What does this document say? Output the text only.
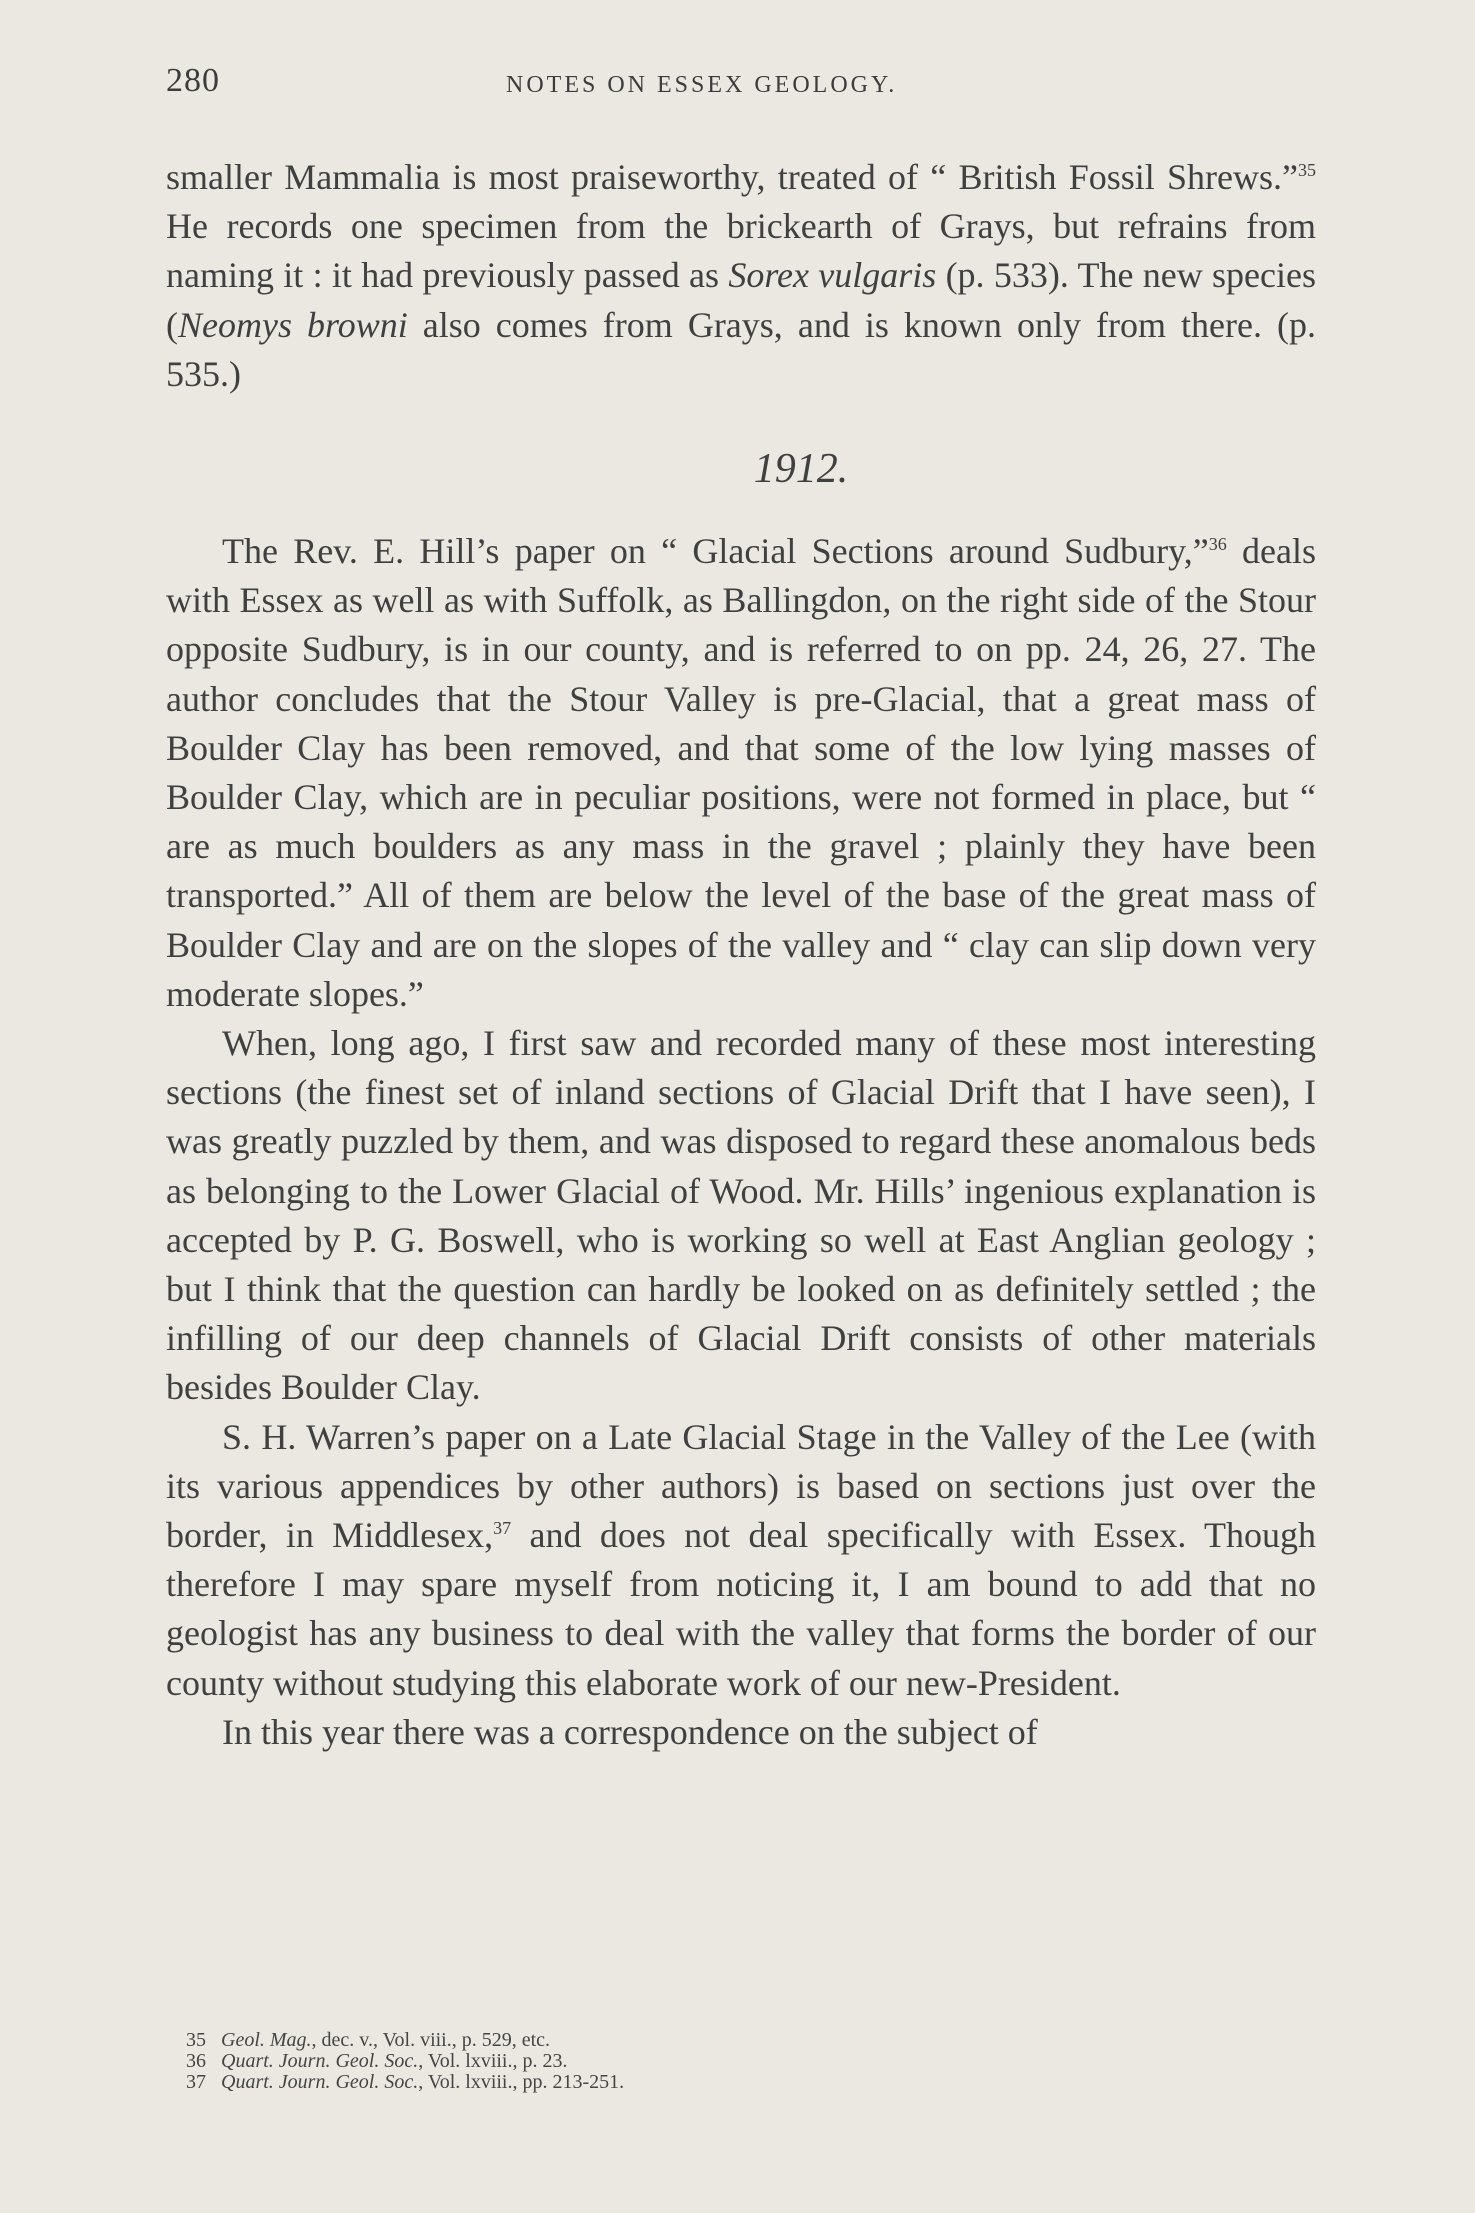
280	NOTES ON ESSEX GEOLOGY.

smaller Mammalia is most praiseworthy, treated of “ British Fossil Shrews.”$^{35}$ He records one specimen from the brickearth of Grays, but refrains from naming it : it had previously passed as Sorex vulgaris (p. 533). The new species (Neomys browni also comes from Grays, and is known only from there. (p. 535.)

1912.

The Rev. E. Hill’s paper on “ Glacial Sections around Sudbury,”$^{36}$ deals with Essex as well as with Suffolk, as Ballingdon, on the right side of the Stour opposite Sudbury, is in our county, and is referred to on pp. 24, 26, 27. The author concludes that the Stour Valley is pre-Glacial, that a great mass of Boulder Clay has been removed, and that some of the low lying masses of Boulder Clay, which are in peculiar positions, were not formed in place, but “ are as much boulders as any mass in the gravel ; plainly they have been transported.” All of them are below the level of the base of the great mass of Boulder Clay and are on the slopes of the valley and “ clay can slip down very moderate slopes.”

When, long ago, I first saw and recorded many of these most interesting sections (the finest set of inland sections of Glacial Drift that I have seen), I was greatly puzzled by them, and was disposed to regard these anomalous beds as belonging to the Lower Glacial of Wood. Mr. Hills’ ingenious explanation is accepted by P. G. Boswell, who is working so well at East Anglian geology ; but I think that the question can hardly be looked on as definitely settled ; the infilling of our deep channels of Glacial Drift consists of other materials besides Boulder Clay.

S. H. Warren’s paper on a Late Glacial Stage in the Valley of the Lee (with its various appendices by other authors) is based on sections just over the border, in Middlesex,$^{37}$ and does not deal specifically with Essex. Though therefore I may spare myself from noticing it, I am bound to add that no geologist has any business to deal with the valley that forms the border of our county without studying this elaborate work of our new-President.

In this year there was a correspondence on the subject of

35 Geol. Mag., dec. v., Vol. viii., p. 529, etc.

36 Quart. Journ. Geol. Soc., Vol. lxviii., p. 23.

37 Quart. Journ. Geol. Soc., Vol. lxviii., pp. 213-251.
